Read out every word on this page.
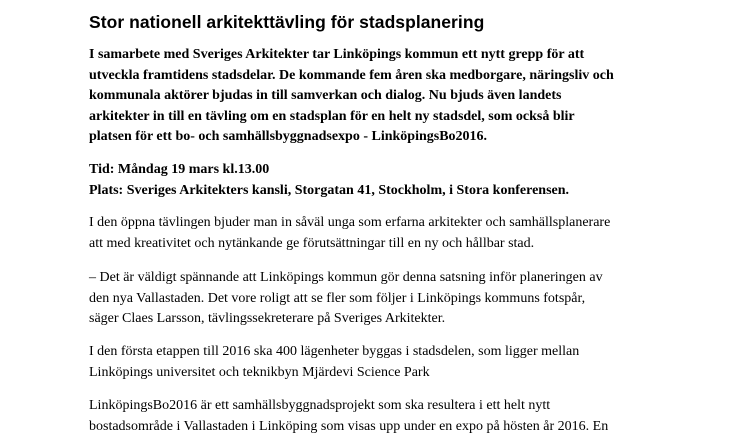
Stor nationell arkitekttävling för stadsplanering

I samarbete med Sveriges Arkitekter tar Linköpings kommun ett nytt grepp för att
utveckla framtidens stadsdelar. De kommande fem åren ska medborgare, näringsliv och
kommunala aktörer bjudas in till samverkan och dialog. Nu bjuds även landets
arkitekter in till en tävling om en stadsplan för en helt ny stadsdel, som också blir
platsen för ett bo- och samhällsbyggnadsexpo - LinköpingsBo2016.

Tid: Måndag 19 mars kl.13.00
Plats: Sveriges Arkitekters kansli, Storgatan 41, Stockholm, i Stora konferensen.

I den öppna tävlingen bjuder man in såväl unga som erfarna arkitekter och samhällsplanerare
att med kreativitet och nytänkande ge förutsättningar till en ny och hållbar stad.

– Det är väldigt spännande att Linköpings kommun gör denna satsning inför planeringen av
den nya Vallastaden. Det vore roligt att se fler som följer i Linköpings kommuns fotspår,
säger Claes Larsson, tävlingssekreterare på Sveriges Arkitekter.

I den första etappen till 2016 ska 400 lägenheter byggas i stadsdelen, som ligger mellan
Linköpings universitet och teknikbyn Mjärdevi Science Park

LinköpingsBo2016 är ett samhällsbyggnadsprojekt som ska resultera i ett helt nytt
bostadsområde i Vallastaden i Linköping som visas upp under en expo på hösten år 2016. En
